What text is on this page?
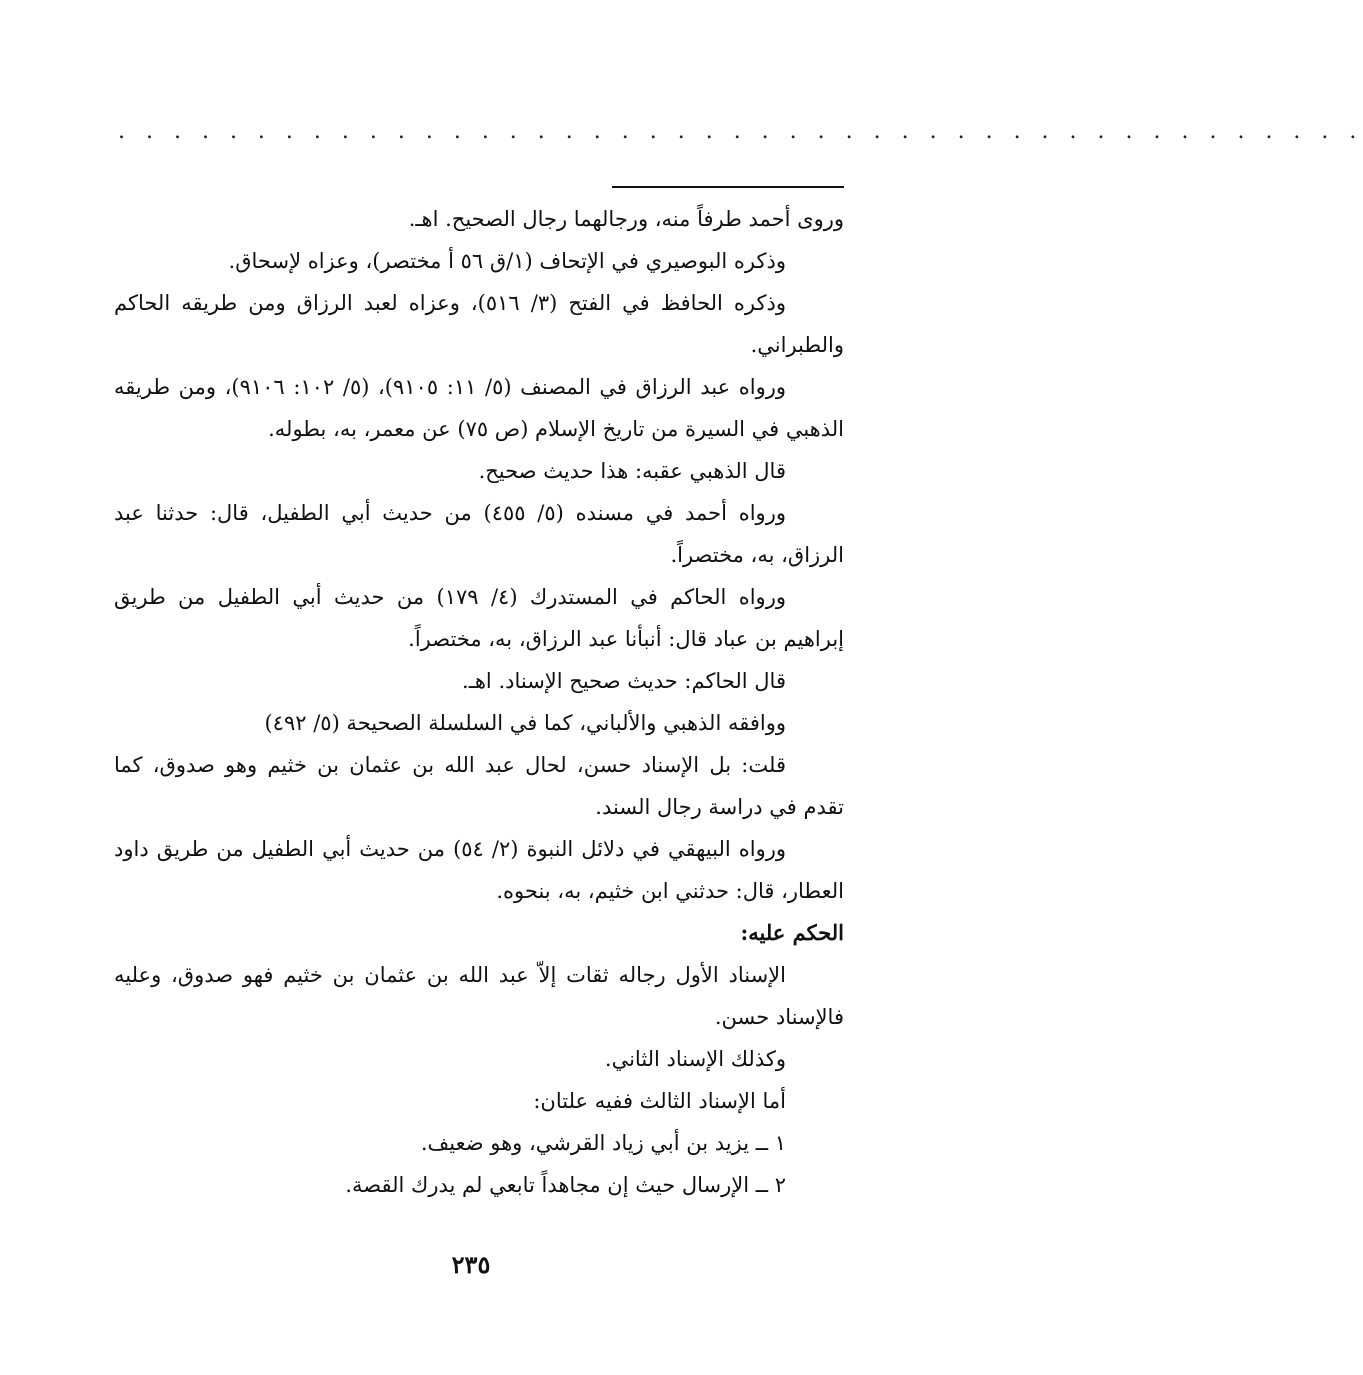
. . . . . . . . . . . . . . . . . . . . . . . . . . . . . . . . . . . . . . . . . . . . .

وروى أحمد طرفاً منه، ورجالهما رجال الصحيح. اهـ.

وذكره البوصيري في الإتحاف (١/ق ٥٦ أ مختصر)، وعزاه لإسحاق.

وذكره الحافظ في الفتح (٣/ ٥١٦)، وعزاه لعبد الرزاق ومن طريقه الحاكم والطبراني.

ورواه عبد الرزاق في المصنف (٥/ ١١: ٩١٠٥)، (٥/ ١٠٢: ٩١٠٦)، ومن طريقه الذهبي في السيرة من تاريخ الإسلام (ص ٧٥) عن معمر، به، بطوله.

قال الذهبي عقبه: هذا حديث صحيح.

ورواه أحمد في مسنده (٥/ ٤٥٥) من حديث أبي الطفيل، قال: حدثنا عبد الرزاق، به، مختصراً.

ورواه الحاكم في المستدرك (٤/ ١٧٩) من حديث أبي الطفيل من طريق إبراهيم بن عباد قال: أنبأنا عبد الرزاق، به، مختصراً.

قال الحاكم: حديث صحيح الإسناد. اهـ.

ووافقه الذهبي والألباني، كما في السلسلة الصحيحة (٥/ ٤٩٢)

قلت: بل الإسناد حسن، لحال عبد الله بن عثمان بن خثيم وهو صدوق، كما تقدم في دراسة رجال السند.

ورواه البيهقي في دلائل النبوة (٢/ ٥٤) من حديث أبي الطفيل من طريق داود العطار، قال: حدثني ابن خثيم، به، بنحوه.

الحكم عليه:

الإسناد الأول رجاله ثقات إلاّ عبد الله بن عثمان بن خثيم فهو صدوق، وعليه فالإسناد حسن.

وكذلك الإسناد الثاني.

أما الإسناد الثالث ففيه علتان:

١ ــ يزيد بن أبي زياد القرشي، وهو ضعيف.

٢ ــ الإرسال حيث إن مجاهداً تابعي لم يدرك القصة.

٢٣٥
